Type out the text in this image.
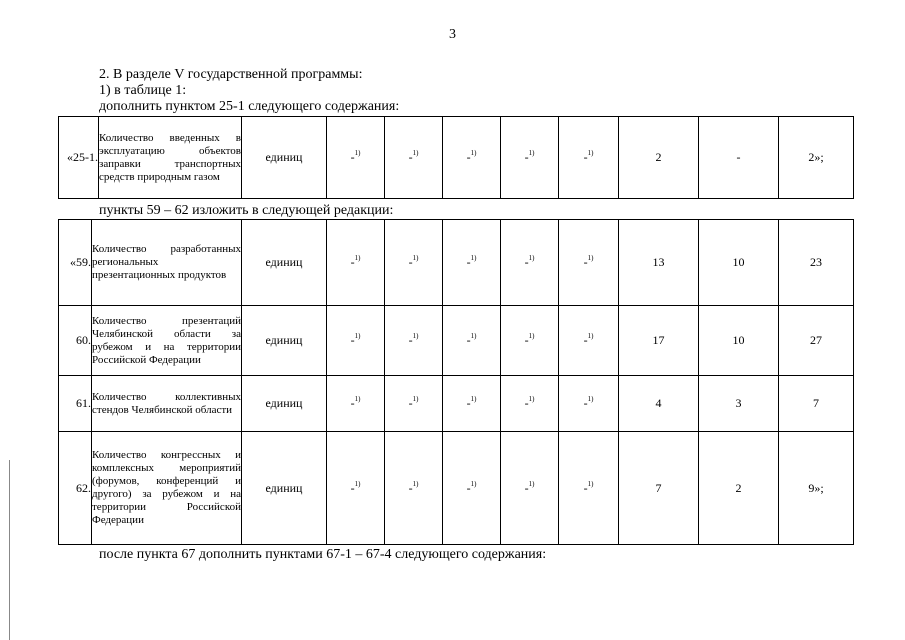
3
2. В разделе V государственной программы:
1) в таблице 1:
дополнить пунктом 25-1 следующего содержания:
«25-1.	Количество введенных в эксплуатацию объектов заправки транспортных средств природным газом	единиц	-$^{1)}$	-$^{1)}$	-$^{1)}$	-$^{1)}$	-$^{1)}$	2	-	2»;
пункты 59 – 62 изложить в следующей редакции:
«59.	Количество разработанных региональных презентационных продуктов	единиц	-$^{1)}$	-$^{1)}$	-$^{1)}$	-$^{1)}$	-$^{1)}$	13	10	23
60.	Количество презентаций Челябинской области за рубежом и на территории Российской Федерации	единиц	-$^{1)}$	-$^{1)}$	-$^{1)}$	-$^{1)}$	-$^{1)}$	17	10	27
61.	Количество коллективных стендов Челябинской области	единиц	-$^{1)}$	-$^{1)}$	-$^{1)}$	-$^{1)}$	-$^{1)}$	4	3	7
62.	Количество конгрессных и комплексных мероприятий (форумов, конференций и другого) за рубежом и на территории Российской Федерации	единиц	-$^{1)}$	-$^{1)}$	-$^{1)}$	-$^{1)}$	-$^{1)}$	7	2	9»;
после пункта 67 дополнить пунктами 67-1 – 67-4 следующего содержания:
